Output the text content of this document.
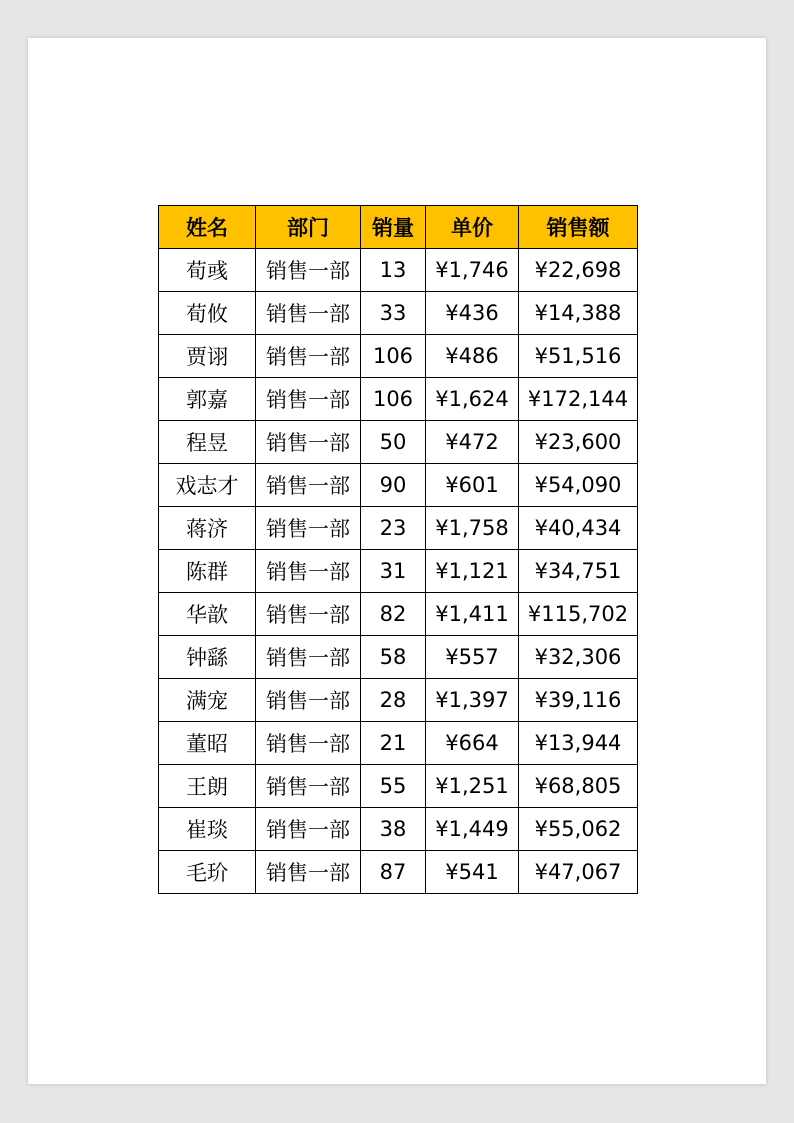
姓名	部门	销量	单价	销售额
荀彧	销售一部	13	¥1,746	¥22,698
荀攸	销售一部	33	¥436	¥14,388
贾诩	销售一部	106	¥486	¥51,516
郭嘉	销售一部	106	¥1,624	¥172,144
程昱	销售一部	50	¥472	¥23,600
戏志才	销售一部	90	¥601	¥54,090
蒋济	销售一部	23	¥1,758	¥40,434
陈群	销售一部	31	¥1,121	¥34,751
华歆	销售一部	82	¥1,411	¥115,702
钟繇	销售一部	58	¥557	¥32,306
满宠	销售一部	28	¥1,397	¥39,116
董昭	销售一部	21	¥664	¥13,944
王朗	销售一部	55	¥1,251	¥68,805
崔琰	销售一部	38	¥1,449	¥55,062
毛玠	销售一部	87	¥541	¥47,067
